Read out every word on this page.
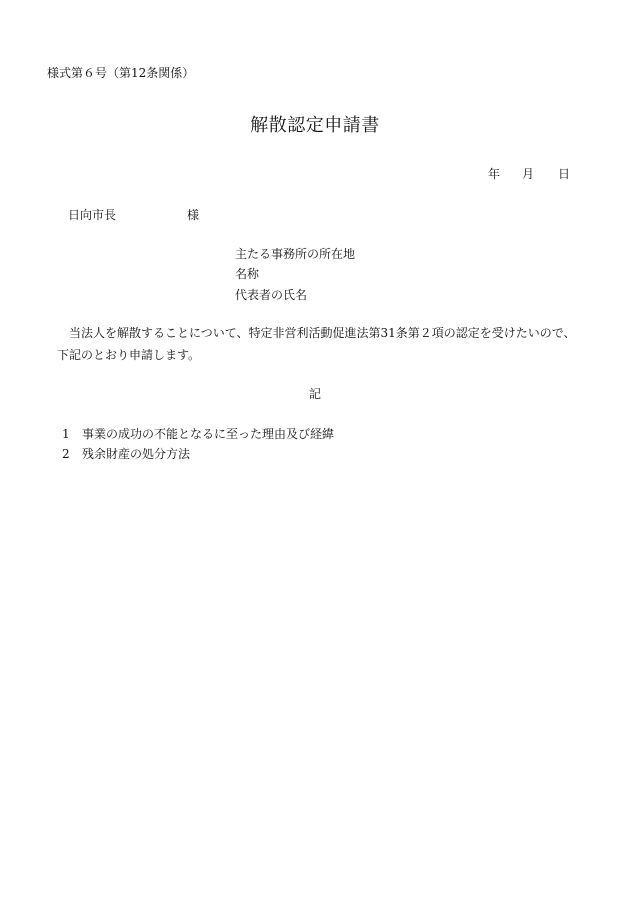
様式第６号（第12条関係）
解散認定申請書
年 月 日
日向市長	様
主たる事務所の所在地
名称
代表者の氏名
当法人を解散することについて、特定非営利活動促進法第31条第２項の認定を受けたいので、下記のとおり申請します。
記
1 事業の成功の不能となるに至った理由及び経緯
2 残余財産の処分方法
